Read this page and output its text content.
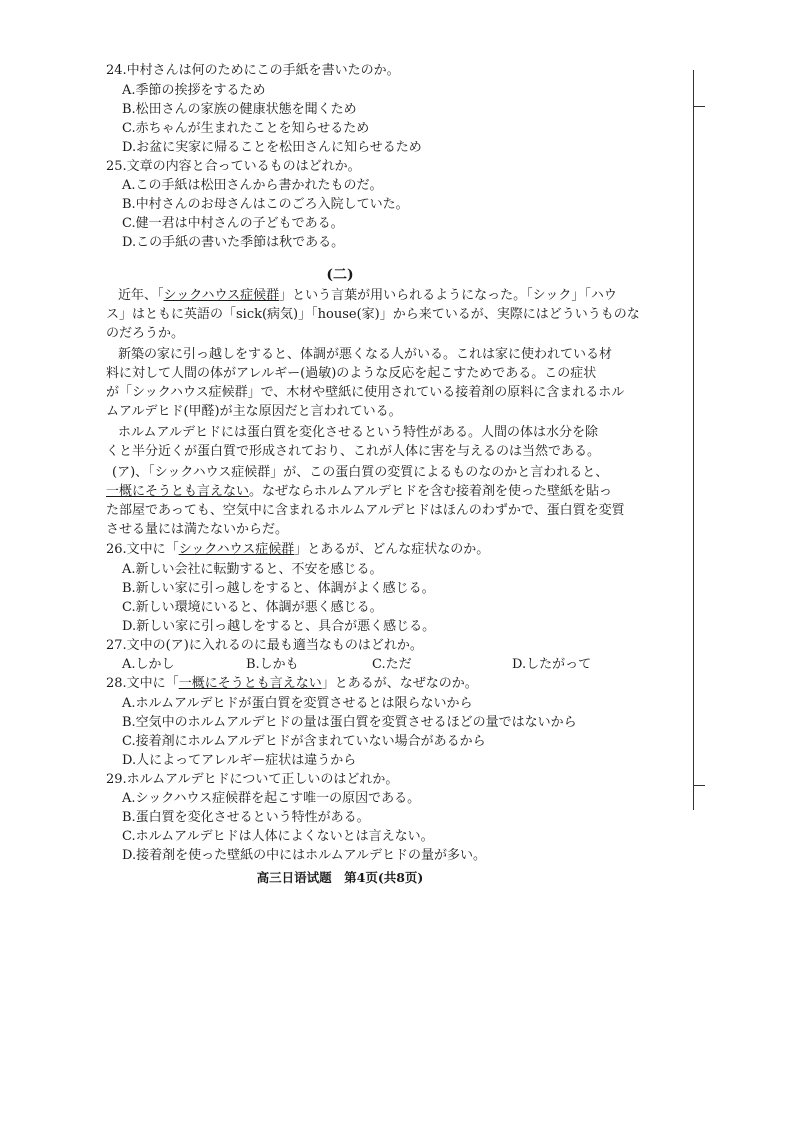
24.中村さんは何のためにこの手紙を書いたのか。
A.季節の挨拶をするため
B.松田さんの家族の健康状態を聞くため
C.赤ちゃんが生まれたことを知らせるため
D.お盆に実家に帰ることを松田さんに知らせるため
25.文章の内容と合っているものはどれか。
A.この手紙は松田さんから書かれたものだ。
B.中村さんのお母さんはこのごろ入院していた。
C.健一君は中村さんの子どもである。
D.この手紙の書いた季節は秋である。
(二)
近年、「シックハウス症候群」という言葉が用いられるようになった。「シック」「ハウ
ス」はともに英語の「sick(病気)」「house(家)」から来ているが、実際にはどういうものな
のだろうか。
新築の家に引っ越しをすると、体調が悪くなる人がいる。これは家に使われている材
料に対して人間の体がアレルギー(過敏)のような反応を起こすためである。この症状
が「シックハウス症候群」で、木材や壁紙に使用されている接着剤の原料に含まれるホル
ムアルデヒド(甲醛)が主な原因だと言われている。
ホルムアルデヒドには蛋白質を変化させるという特性がある。人間の体は水分を除
くと半分近くが蛋白質で形成されており、これが人体に害を与えるのは当然である。
(ア)、「シックハウス症候群」が、この蛋白質の変質によるものなのかと言われると、
一概にそうとも言えない。なぜならホルムアルデヒドを含む接着剤を使った壁紙を貼っ
た部屋であっても、空気中に含まれるホルムアルデヒドはほんのわずかで、蛋白質を変質
させる量には満たないからだ。
26.文中に「シックハウス症候群」とあるが、どんな症状なのか。
A.新しい会社に転勤すると、不安を感じる。
B.新しい家に引っ越しをすると、体調がよく感じる。
C.新しい環境にいると、体調が悪く感じる。
D.新しい家に引っ越しをすると、具合が悪く感じる。
27.文中の(ア)に入れるのに最も適当なものはどれか。
A.しかし	B.しかも	C.ただ	D.したがって
28.文中に「一概にそうとも言えない」とあるが、なぜなのか。
A.ホルムアルデヒドが蛋白質を変質させるとは限らないから
B.空気中のホルムアルデヒドの量は蛋白質を変質させるほどの量ではないから
C.接着剤にホルムアルデヒドが含まれていない場合があるから
D.人によってアレルギー症状は違うから
29.ホルムアルデヒドについて正しいのはどれか。
A.シックハウス症候群を起こす唯一の原因である。
B.蛋白質を変化させるという特性がある。
C.ホルムアルデヒドは人体によくないとは言えない。
D.接着剤を使った壁紙の中にはホルムアルデヒドの量が多い。
高三日语试题　第4页(共8页)
